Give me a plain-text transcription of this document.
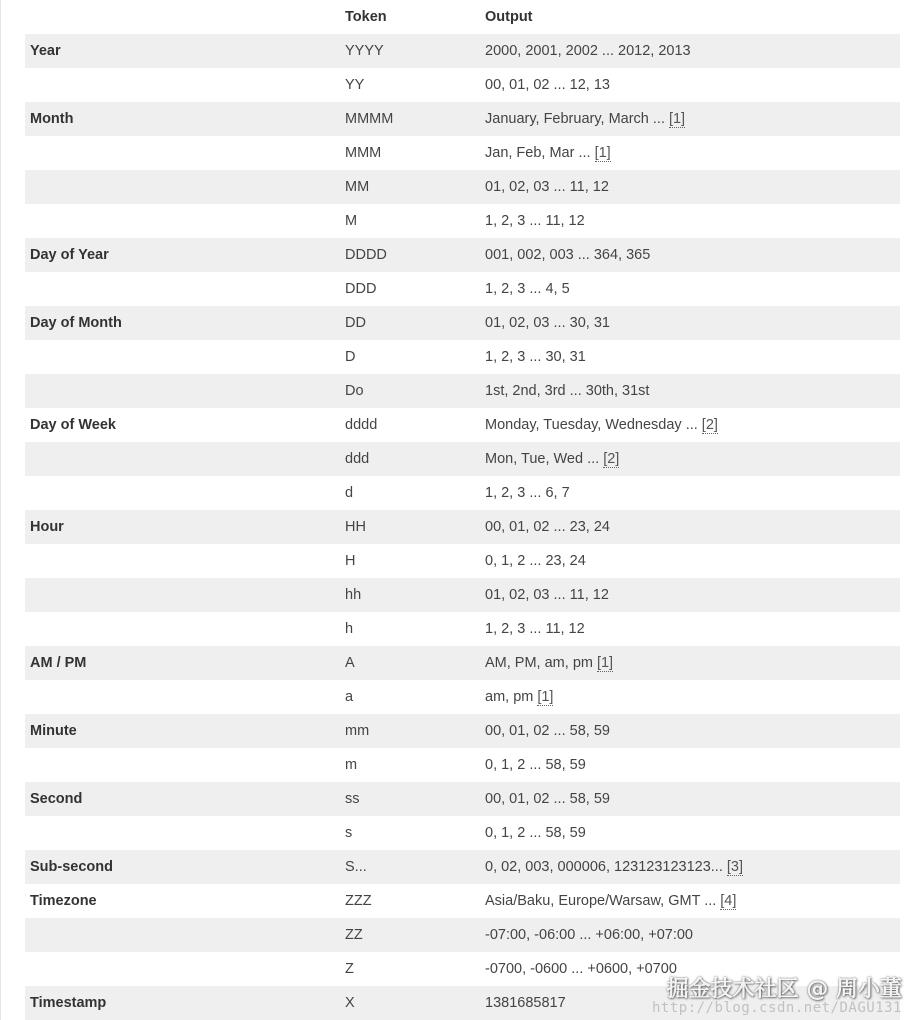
	Token	Output
Year	YYYY	2000, 2001, 2002 ... 2012, 2013
	YY	00, 01, 02 ... 12, 13
Month	MMMM	January, February, March ... [1]
	MMM	Jan, Feb, Mar ... [1]
	MM	01, 02, 03 ... 11, 12
	M	1, 2, 3 ... 11, 12
Day of Year	DDDD	001, 002, 003 ... 364, 365
	DDD	1, 2, 3 ... 4, 5
Day of Month	DD	01, 02, 03 ... 30, 31
	D	1, 2, 3 ... 30, 31
	Do	1st, 2nd, 3rd ... 30th, 31st
Day of Week	dddd	Monday, Tuesday, Wednesday ... [2]
	ddd	Mon, Tue, Wed ... [2]
	d	1, 2, 3 ... 6, 7
Hour	HH	00, 01, 02 ... 23, 24
	H	0, 1, 2 ... 23, 24
	hh	01, 02, 03 ... 11, 12
	h	1, 2, 3 ... 11, 12
AM / PM	A	AM, PM, am, pm [1]
	a	am, pm [1]
Minute	mm	00, 01, 02 ... 58, 59
	m	0, 1, 2 ... 58, 59
Second	ss	00, 01, 02 ... 58, 59
	s	0, 1, 2 ... 58, 59
Sub-second	S...	0, 02, 003, 000006, 123123123123... [3]
Timezone	ZZZ	Asia/Baku, Europe/Warsaw, GMT ... [4]
	ZZ	-07:00, -06:00 ... +06:00, +07:00
	Z	-0700, -0600 ... +0600, +0700
Timestamp	X	1381685817
掘金技术社区 @ 周小董
http://blog.csdn.net/DAGU131
